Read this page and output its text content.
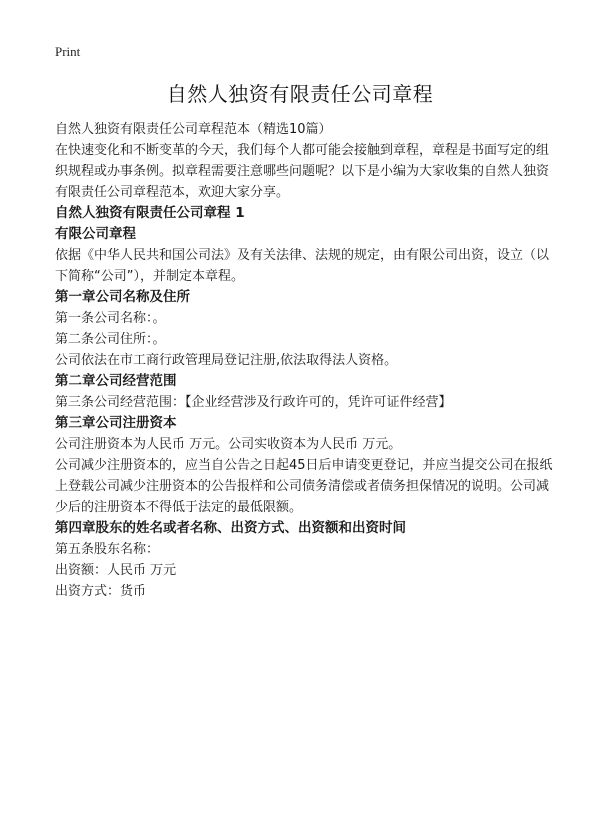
Print
自然人独资有限责任公司章程

自然人独资有限责任公司章程范本（精选10篇）

在快速变化和不断变革的今天，我们每个人都可能会接触到章程，章程是书面写定的组织规程或办事条例。拟章程需要注意哪些问题呢？以下是小编为大家收集的自然人独资有限责任公司章程范本，欢迎大家分享。

自然人独资有限责任公司章程 1

有限公司章程

依据《中华人民共和国公司法》及有关法律、法规的规定，由有限公司出资，设立（以下简称“公司”），并制定本章程。

第一章公司名称及住所

第一条公司名称：。

第二条公司住所：。

公司依法在市工商行政管理局登记注册,依法取得法人资格。

第二章公司经营范围

第三条公司经营范围：【企业经营涉及行政许可的，凭许可证件经营】

第三章公司注册资本

公司注册资本为人民币 万元。公司实收资本为人民币 万元。

公司减少注册资本的，应当自公告之日起45日后申请变更登记，并应当提交公司在报纸上登载公司减少注册资本的公告报样和公司债务清偿或者债务担保情况的说明。公司减少后的注册资本不得低于法定的最低限额。

第四章股东的姓名或者名称、出资方式、出资额和出资时间

第五条股东名称：

出资额：人民币 万元

出资方式：货币
